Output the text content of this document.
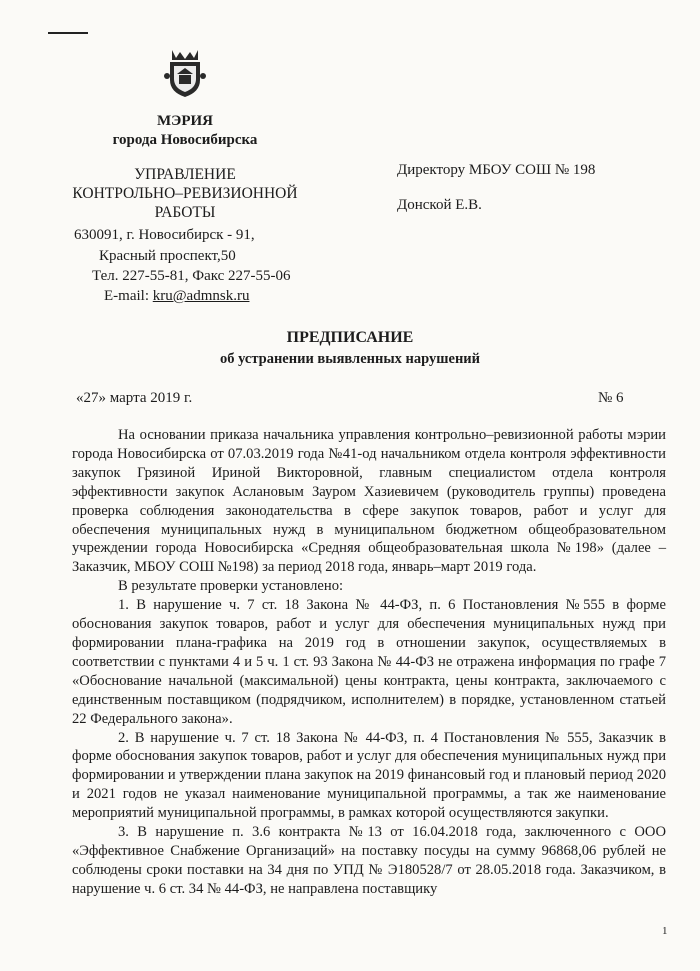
МЭРИЯ
города Новосибирска
УПРАВЛЕНИЕ
КОНТРОЛЬНО–РЕВИЗИОННОЙ
РАБОТЫ
630091, г. Новосибирск - 91,
Красный проспект,50
Тел. 227-55-81, Факс 227-55-06
E-mail: kru@admnsk.ru
Директору МБОУ СОШ № 198
Донской Е.В.
ПРЕДПИСАНИЕ
об устранении выявленных нарушений
«27» марта 2019 г.	№ 6

На основании приказа начальника управления контрольно–ревизионной работы мэрии города Новосибирска от 07.03.2019 года №41-од начальником отдела контроля эффективности закупок Грязиной Ириной Викторовной, главным специалистом отдела контроля эффективности закупок Аслановым Зауром Хазиевичем (руководитель группы) проведена проверка соблюдения законодательства в сфере закупок товаров, работ и услуг для обеспечения муниципальных нужд в муниципальном бюджетном общеобразовательном учреждении города Новосибирска «Средняя общеобразовательная школа №198» (далее – Заказчик, МБОУ СОШ №198) за период 2018 года, январь–март 2019 года.

В результате проверки установлено:

1. В нарушение ч. 7 ст. 18 Закона № 44-ФЗ, п. 6 Постановления №555 в форме обоснования закупок товаров, работ и услуг для обеспечения муниципальных нужд при формировании плана-графика на 2019 год в отношении закупок, осуществляемых в соответствии с пунктами 4 и 5 ч. 1 ст. 93 Закона № 44-ФЗ не отражена информация по графе 7 «Обоснование начальной (максимальной) цены контракта, цены контракта, заключаемого с единственным поставщиком (подрядчиком, исполнителем) в порядке, установленном статьей 22 Федерального закона».

2. В нарушение ч. 7 ст. 18 Закона № 44-ФЗ, п. 4 Постановления № 555, Заказчик в форме обоснования закупок товаров, работ и услуг для обеспечения муниципальных нужд при формировании и утверждении плана закупок на 2019 финансовый год и плановый период 2020 и 2021 годов не указал наименование муниципальной программы, а так же наименование мероприятий муниципальной программы, в рамках которой осуществляются закупки.

3. В нарушение п. 3.6 контракта №13 от 16.04.2018 года, заключенного с ООО «Эффективное Снабжение Организаций» на поставку посуды на сумму 96868,06 рублей не соблюдены сроки поставки на 34 дня по УПД № Э180528/7 от 28.05.2018 года. Заказчиком, в нарушение ч. 6 ст. 34 № 44-ФЗ, не направлена поставщику

1
